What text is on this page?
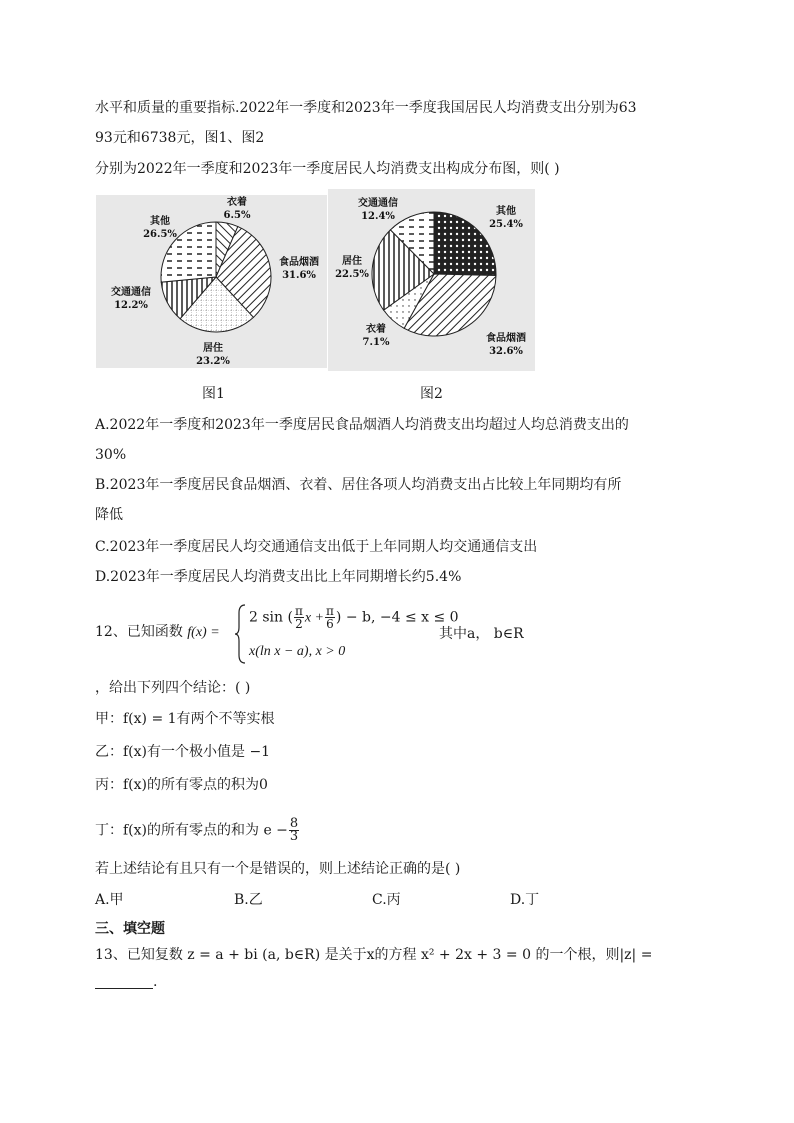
水平和质量的重要指标.2022年一季度和2023年一季度我国居民人均消费支出分别为63
93元和6738元，图1、图2
分别为2022年一季度和2023年一季度居民人均消费支出构成分布图，则( )
衣着
6.5%
食品烟酒
31.6%
居住
23.2%
交通通信
12.2%
其他
26.5%
图1
其他
25.4%
食品烟酒
32.6%
衣着
7.1%
居住
22.5%
交通通信
12.4%
图2
A.2022年一季度和2023年一季度居民食品烟酒人均消费支出均超过人均总消费支出的
30%
B.2023年一季度居民食品烟酒、衣着、居住各项人均消费支出占比较上年同期均有所
降低
C.2023年一季度居民人均交通通信支出低于上年同期人均交通通信支出
D.2023年一季度居民人均消费支出比上年同期增长约5.4%
12、已知函数 f(x) =
2 sin ( $\frac{\pi}{2}$ $x + \frac{\pi}{6}$ ) − b, −4 ≤ x ≤ 0
x(ln x − a), x > 0
其中a， b∈R
，给出下列四个结论：( )
甲：f(x) = 1有两个不等实根
乙：f(x)有一个极小值是 −1
丙：f(x)的所有零点的积为0
丁：f(x)的所有零点的和为 $e - \frac{8}{3}$
若上述结论有且只有一个是错误的，则上述结论正确的是( )
A.甲	B.乙	C.丙	D.丁
三、填空题
13、已知复数 z = a + bi (a, b∈R) 是关于x的方程 x² + 2x + 3 = 0 的一个根，则|z| =
.
